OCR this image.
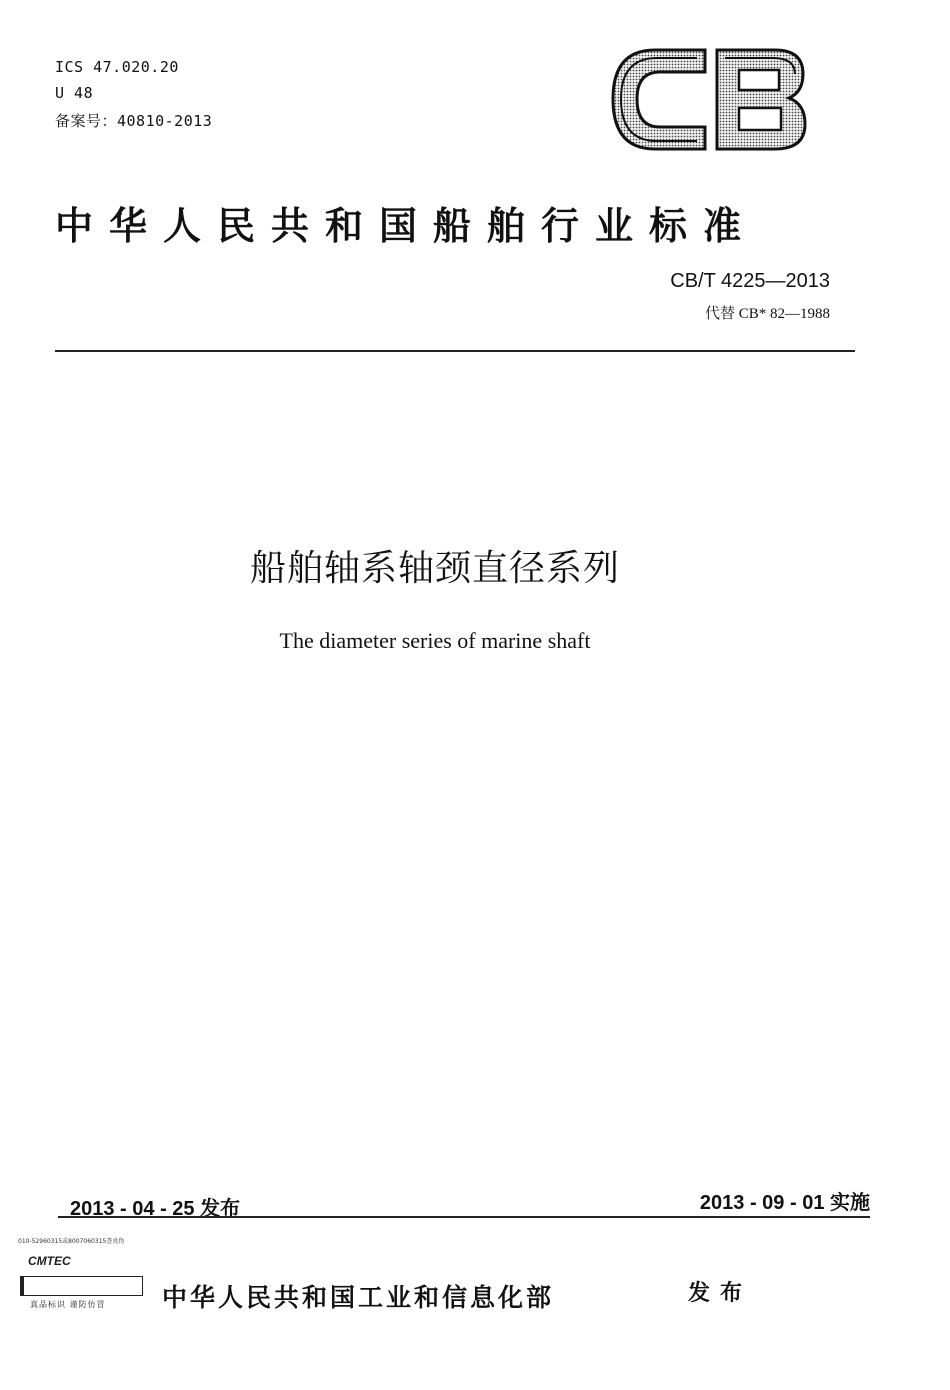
ICS 47.020.20
U 48
备案号：40810-2013
中华人民共和国船舶行业标准
CB/T 4225—2013
代替 CB* 82—1988
船舶轴系轴颈直径系列
The diameter series of marine shaft
2013 - 04 - 25 发布	2013 - 09 - 01 实施
010-52960315或8007060315查真伪
CMTEC
真品标识 谨防仿冒 中华人民共和国工业和信息化部	发布
